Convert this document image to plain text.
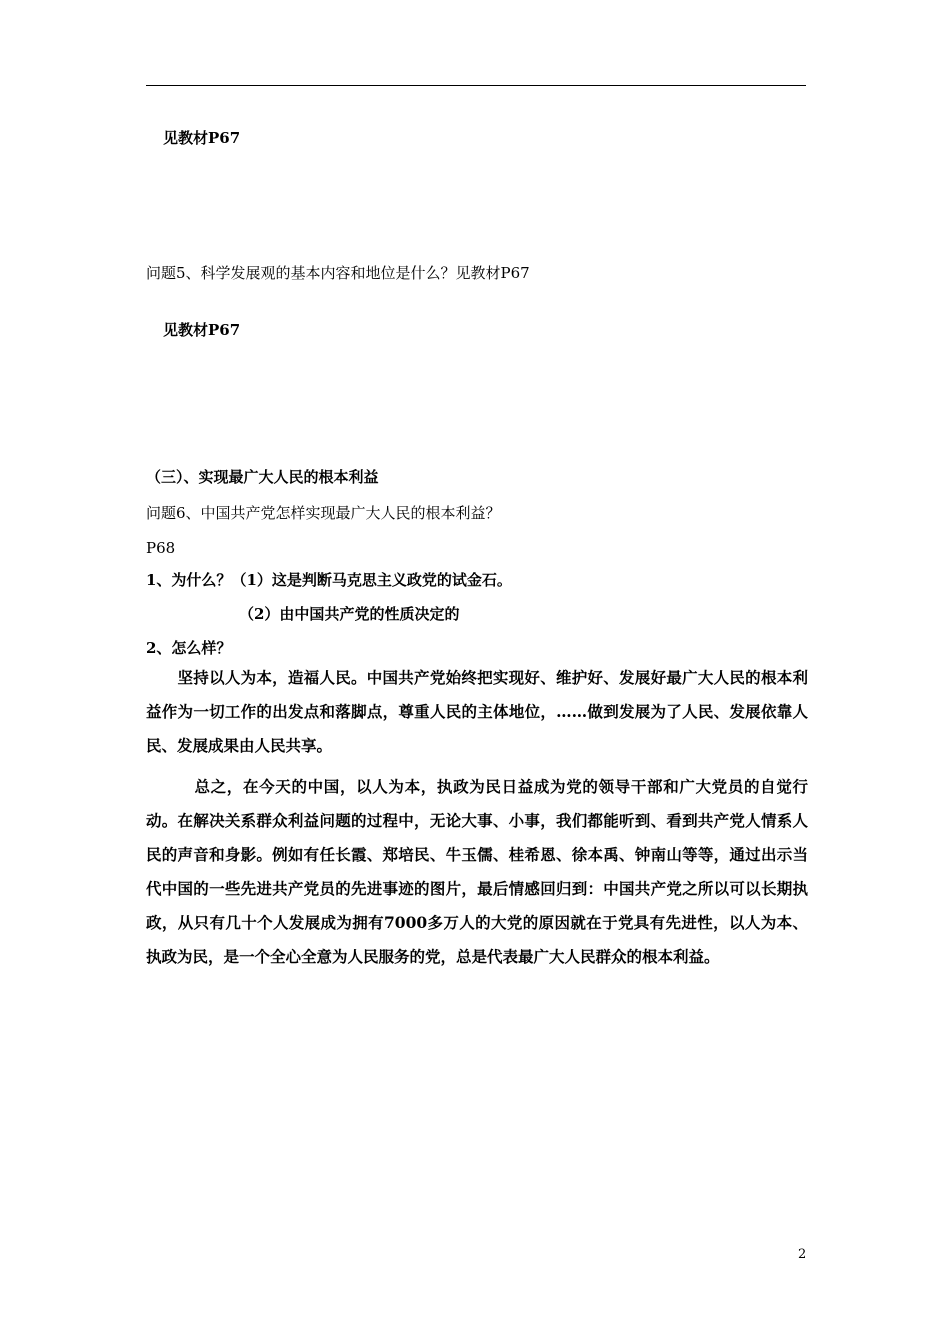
见教材P67
问题5、科学发展观的基本内容和地位是什么？见教材P67
见教材P67
（三）、实现最广大人民的根本利益
问题6、中国共产党怎样实现最广大人民的根本利益？
P68
1、为什么？（1）这是判断马克思主义政党的试金石。
（2）由中国共产党的性质决定的
2、怎么样？
　　坚持以人为本，造福人民。中国共产党始终把实现好、维护好、发展好最广大人民的根本利益作为一切工作的出发点和落脚点，尊重人民的主体地位，……做到发展为了人民、发展依靠人民、发展成果由人民共享。
　　　总之，在今天的中国，以人为本，执政为民日益成为党的领导干部和广大党员的自觉行动。在解决关系群众利益问题的过程中，无论大事、小事，我们都能听到、看到共产党人情系人民的声音和身影。例如有任长霞、郑培民、牛玉儒、桂希恩、徐本禹、钟南山等等，通过出示当代中国的一些先进共产党员的先进事迹的图片，最后情感回归到：中国共产党之所以可以长期执政，从只有几十个人发展成为拥有7000多万人的大党的原因就在于党具有先进性，以人为本、执政为民，是一个全心全意为人民服务的党，总是代表最广大人民群众的根本利益。
2
